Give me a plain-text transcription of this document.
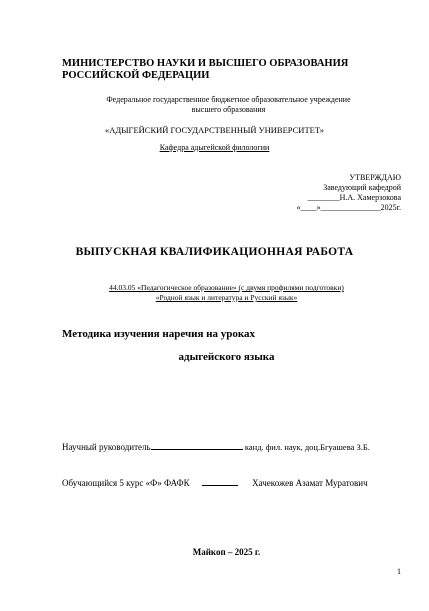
МИНИСТЕРСТВО НАУКИ И ВЫСШЕГО ОБРАЗОВАНИЯ
РОССИЙСКОЙ ФЕДЕРАЦИИ
Федеральное государственное бюджетное образовательное учреждение
высшего образования
«АДЫГЕЙСКИЙ ГОСУДАРСТВЕННЫЙ УНИВЕРСИТЕТ»
Кафедра адыгейской филологии
УТВЕРЖДАЮ
Заведующий кафедрой
________Н.А. Хамерзокова
«____»_______________2025г.
ВЫПУСКНАЯ КВАЛИФИКАЦИОННАЯ РАБОТА
44.03.05 «Педагогическое образование» (с двумя профилями подготовки)
«Родной язык и литература и Русский язык»
Методика изучения наречия на уроках
адыгейского языка
Научный руководитель	канд. фил. наук, доц.Бгуашева З.Б.
Обучающийся 5 курс «Ф» ФАФК	Хачекожев Азамат Муратович
Майкоп – 2025 г.
1
